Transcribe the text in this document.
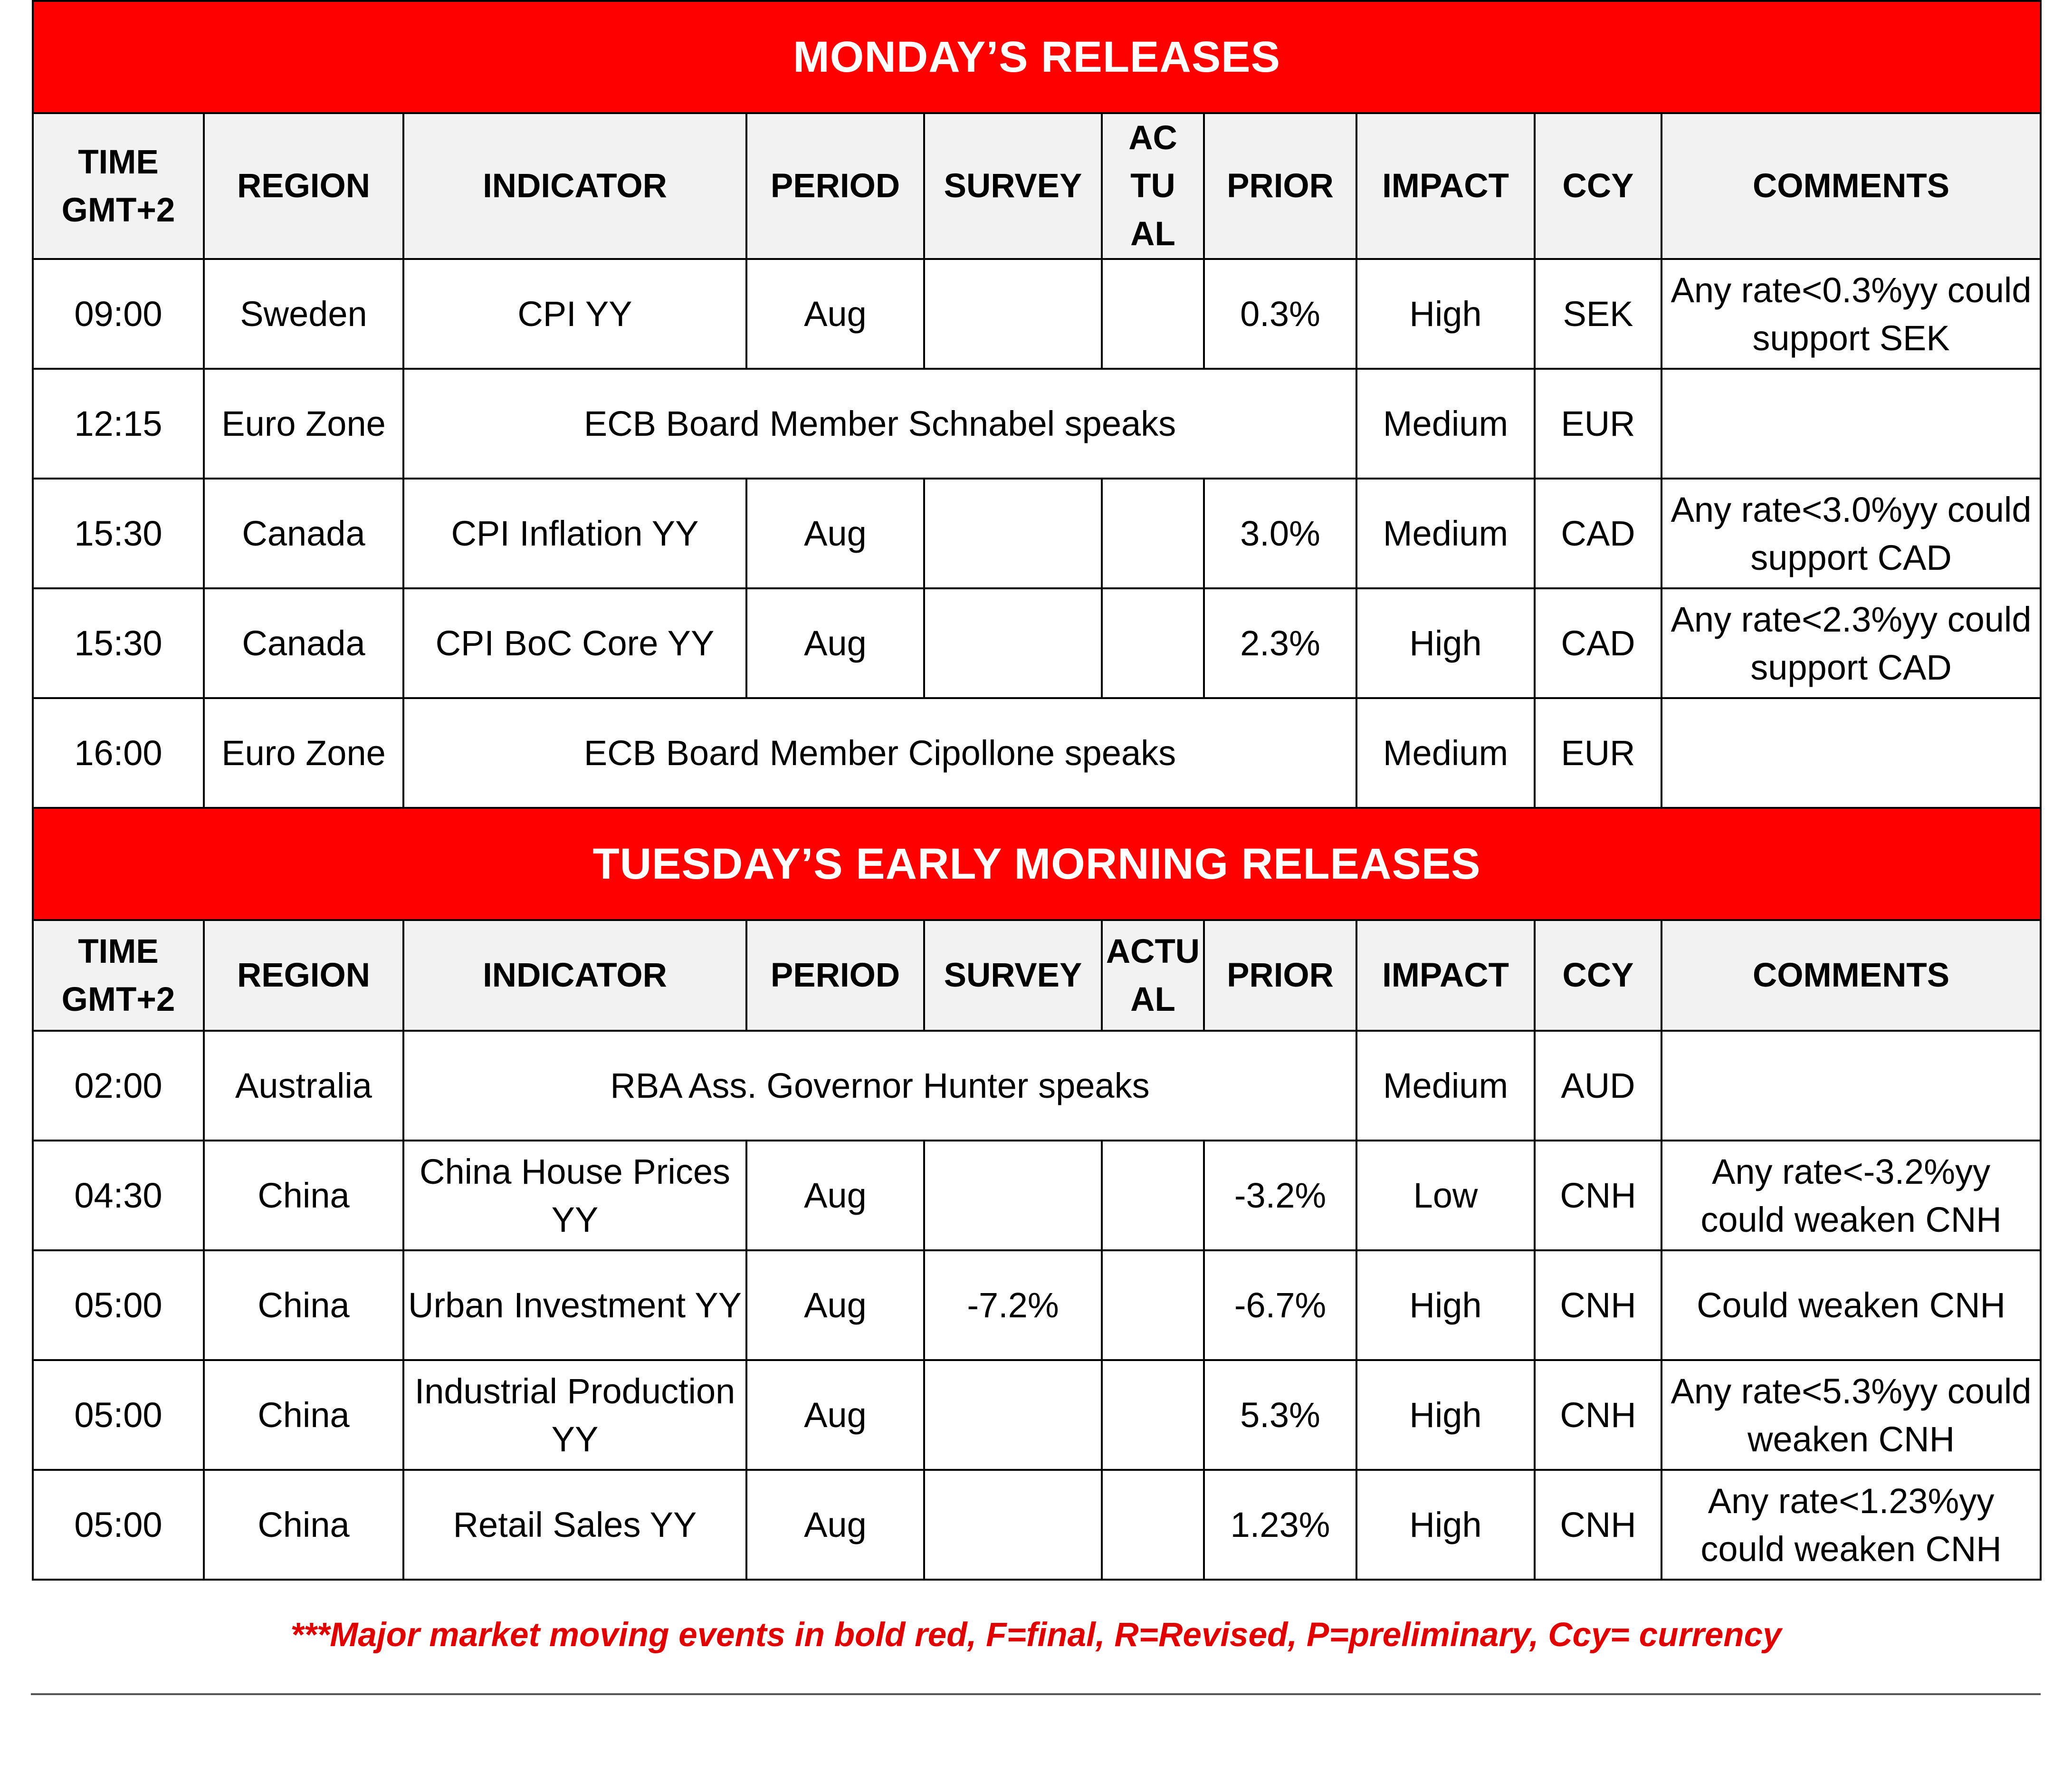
MONDAY’S RELEASES									
TIME GMT+2	REGION	INDICATOR	PERIOD	SURVEY	AC TU AL	PRIOR	IMPACT	CCY	COMMENTS
09:00	Sweden	CPI YY	Aug			0.3%	High	SEK	Any rate<0.3%yy could support SEK
12:15	Euro Zone	ECB Board Member Schnabel speaks					Medium	EUR	
15:30	Canada	CPI Inflation YY	Aug			3.0%	Medium	CAD	Any rate<3.0%yy could support CAD
15:30	Canada	CPI BoC Core YY	Aug			2.3%	High	CAD	Any rate<2.3%yy could support CAD
16:00	Euro Zone	ECB Board Member Cipollone speaks					Medium	EUR	
TUESDAY’S EARLY MORNING RELEASES									
TIME GMT+2	REGION	INDICATOR	PERIOD	SURVEY	ACTU AL	PRIOR	IMPACT	CCY	COMMENTS
02:00	Australia	RBA Ass. Governor Hunter speaks					Medium	AUD	
04:30	China	China House Prices YY	Aug			-3.2%	Low	CNH	Any rate<-3.2%yy could weaken CNH
05:00	China	Urban Investment YY	Aug	-7.2%		-6.7%	High	CNH	Could weaken CNH
05:00	China	Industrial Production YY	Aug			5.3%	High	CNH	Any rate<5.3%yy could weaken CNH
05:00	China	Retail Sales YY	Aug			1.23%	High	CNH	Any rate<1.23%yy could weaken CNH
***Major market moving events in bold red, F=final, R=Revised, P=preliminary, Ccy= currency
